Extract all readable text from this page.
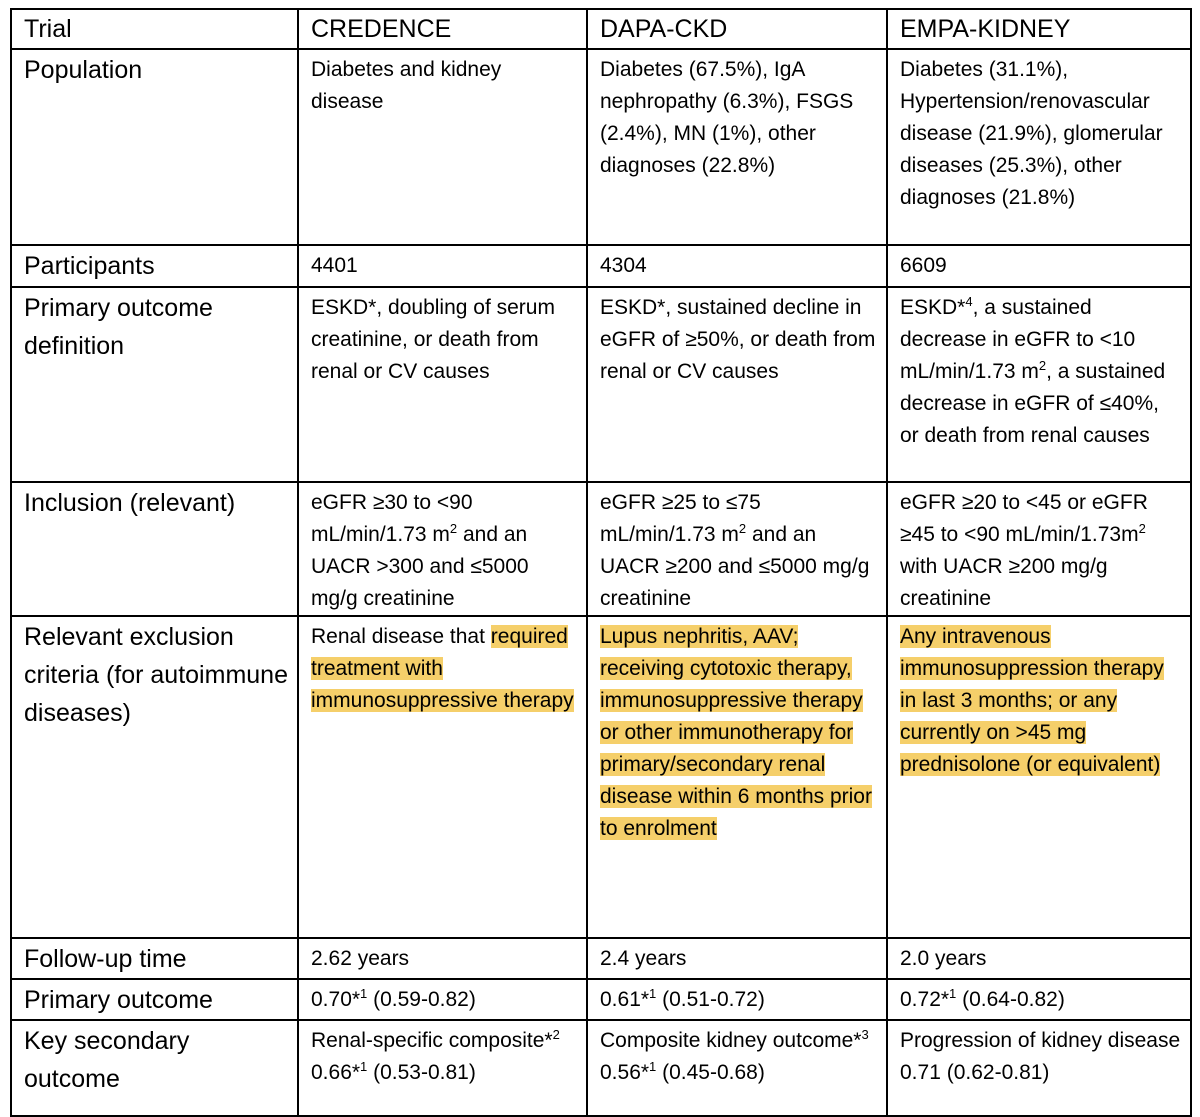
Trial	CREDENCE	DAPA-CKD	EMPA-KIDNEY
Population	Diabetes and kidney disease	Diabetes (67.5%), IgA nephropathy (6.3%), FSGS (2.4%), MN (1%), other diagnoses (22.8%)	Diabetes (31.1%), Hypertension/renovascular disease (21.9%), glomerular diseases (25.3%), other diagnoses (21.8%)
Participants	4401	4304	6609
Primary outcome definition	ESKD*, doubling of serum creatinine, or death from renal or CV causes	ESKD*, sustained decline in eGFR of ≥50%, or death from renal or CV causes	ESKD*$^4$, a sustained decrease in eGFR to <10 mL/min/1.73 $m^2$, a sustained decrease in eGFR of ≤40%, or death from renal causes
Inclusion (relevant)	eGFR ≥30 to <90 mL/min/1.73 $m^2$ and an UACR >300 and ≤5000 mg/g creatinine	eGFR ≥25 to ≤75 mL/min/1.73 $m^2$ and an UACR ≥200 and ≤5000 mg/g creatinine	eGFR ≥20 to <45 or eGFR ≥45 to <90 $mL/\min/1.73m^2$ with UACR ≥200 mg/g creatinine
Relevant exclusion criteria (for autoimmune diseases)	Renal disease that required treatment with immunosuppressive therapy	Lupus nephritis, AAV; receiving cytotoxic therapy, immunosuppressive therapy or other immunotherapy for primary/secondary renal disease within 6 months prior to enrolment	Any intravenous immunosuppression therapy in last 3 months; or any currently on >45 mg prednisolone (or equivalent)
Follow-up time	2.62 years	2.4 years	2.0 years
Primary outcome	0.70*$^1$ (0.59-0.82)	0.61*$^1$ (0.51-0.72)	0.72*$^1$ (0.64-0.82)
Key secondary outcome	Renal-specific composite*$^2$ 0.66*$^1$ (0.53-0.81)	Composite kidney outcome*$^3$ 0.56*$^1$ (0.45-0.68)	Progression of kidney disease 0.71 (0.62-0.81)
